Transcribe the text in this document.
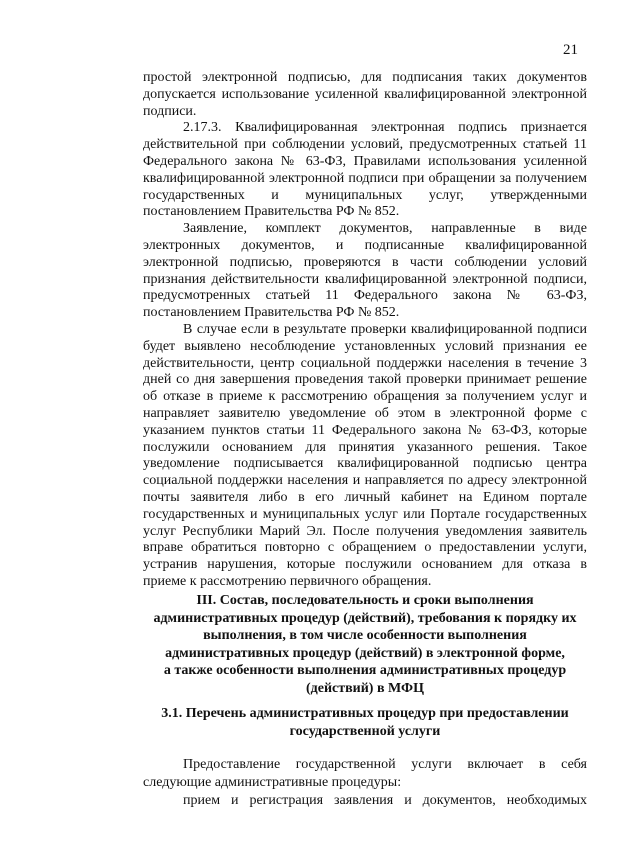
21

простой электронной подписью, для подписания таких документов допускается использование усиленной квалифицированной электронной подписи.

2.17.3. Квалифицированная электронная подпись признается действительной при соблюдении условий, предусмотренных статьей 11 Федерального закона № 63-ФЗ, Правилами использования усиленной квалифицированной электронной подписи при обращении за получением государственных и муниципальных услуг, утвержденными постановлением Правительства РФ № 852.

Заявление, комплект документов, направленные в виде электронных документов, и подписанные квалифицированной электронной подписью, проверяются в части соблюдении условий признания действительности квалифицированной электронной подписи, предусмотренных статьей 11 Федерального закона № 63-ФЗ, постановлением Правительства РФ № 852.

В случае если в результате проверки квалифицированной подписи будет выявлено несоблюдение установленных условий признания ее действительности, центр социальной поддержки населения в течение 3 дней со дня завершения проведения такой проверки принимает решение об отказе в приеме к рассмотрению обращения за получением услуг и направляет заявителю уведомление об этом в электронной форме с указанием пунктов статьи 11 Федерального закона № 63-ФЗ, которые послужили основанием для принятия указанного решения. Такое уведомление подписывается квалифицированной подписью центра социальной поддержки населения и направляется по адресу электронной почты заявителя либо в его личный кабинет на Едином портале государственных и муниципальных услуг или Портале государственных услуг Республики Марий Эл. После получения уведомления заявитель вправе обратиться повторно с обращением о предоставлении услуги, устранив нарушения, которые послужили основанием для отказа в приеме к рассмотрению первичного обращения.

III. Состав, последовательность и сроки выполнения
административных процедур (действий), требования к порядку их
выполнения, в том числе особенности выполнения
административных процедур (действий) в электронной форме,
а также особенности выполнения административных процедур
(действий) в МФЦ
3.1. Перечень административных процедур при предоставлении
государственной услуги

Предоставление государственной услуги включает в себя следующие административные процедуры:

прием и регистрация заявления и документов, необходимых
